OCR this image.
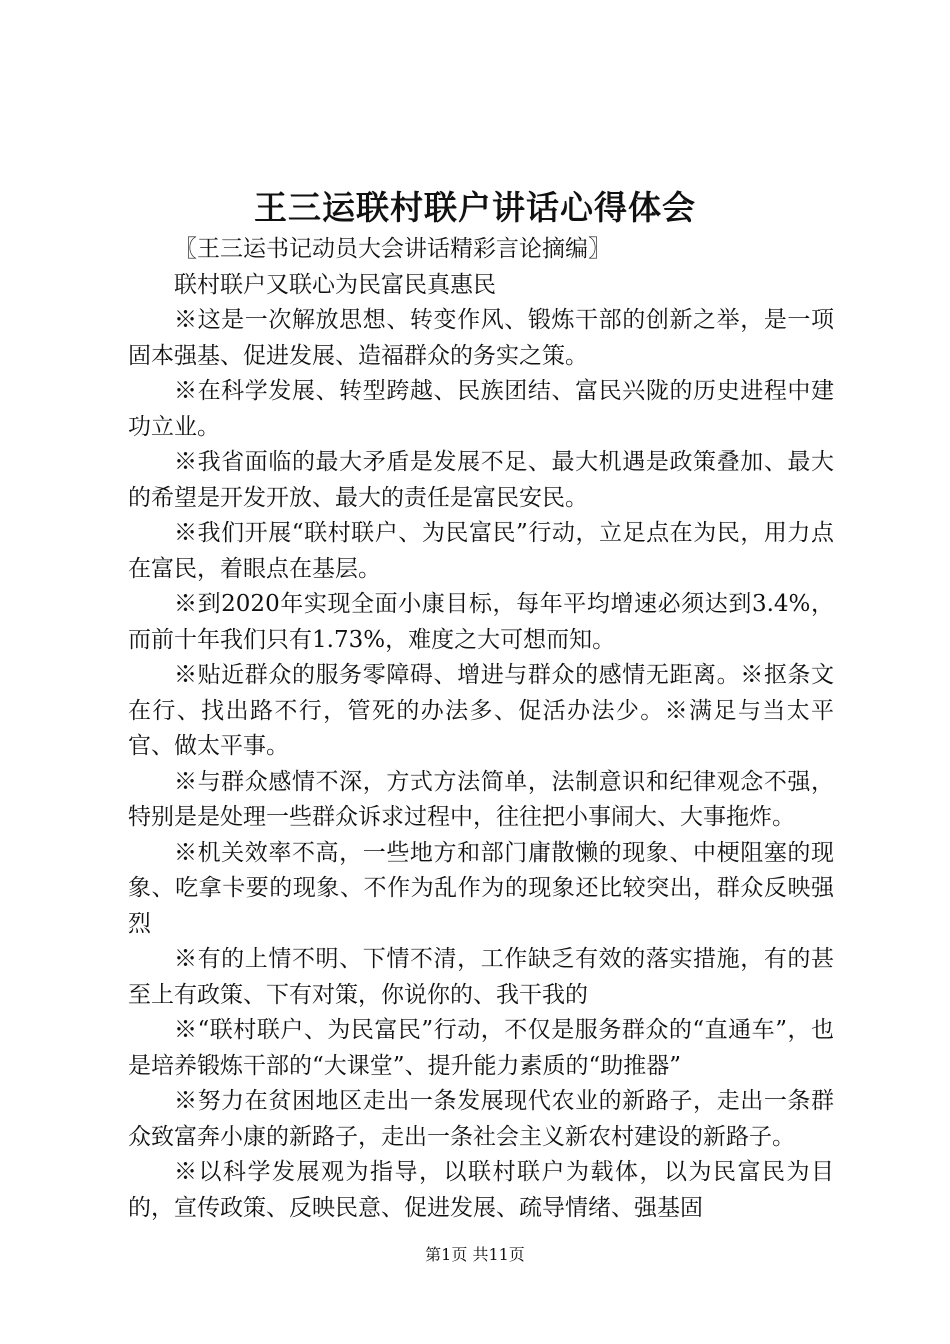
王三运联村联户讲话心得体会

〖王三运书记动员大会讲话精彩言论摘编〗

联村联户又联心为民富民真惠民

※这是一次解放思想、转变作风、锻炼干部的创新之举，是一项固本强基、促进发展、造福群众的务实之策。

※在科学发展、转型跨越、民族团结、富民兴陇的历史进程中建功立业。

※我省面临的最大矛盾是发展不足、最大机遇是政策叠加、最大的希望是开发开放、最大的责任是富民安民。

※我们开展“联村联户、为民富民”行动，立足点在为民，用力点在富民，着眼点在基层。

※到2020年实现全面小康目标，每年平均增速必须达到3.4%，而前十年我们只有1.73%，难度之大可想而知。

※贴近群众的服务零障碍、增进与群众的感情无距离。※抠条文在行、找出路不行，管死的办法多、促活办法少。※满足与当太平官、做太平事。

※与群众感情不深，方式方法简单，法制意识和纪律观念不强，特别是是处理一些群众诉求过程中，往往把小事闹大、大事拖炸。

※机关效率不高，一些地方和部门庸散懒的现象、中梗阻塞的现象、吃拿卡要的现象、不作为乱作为的现象还比较突出，群众反映强烈

※有的上情不明、下情不清，工作缺乏有效的落实措施，有的甚至上有政策、下有对策，你说你的、我干我的

※“联村联户、为民富民”行动，不仅是服务群众的“直通车”，也是培养锻炼干部的“大课堂”、提升能力素质的“助推器”

※努力在贫困地区走出一条发展现代农业的新路子，走出一条群众致富奔小康的新路子，走出一条社会主义新农村建设的新路子。

※以科学发展观为指导，以联村联户为载体，以为民富民为目的，宣传政策、反映民意、促进发展、疏导情绪、强基固

第1页 共11页
